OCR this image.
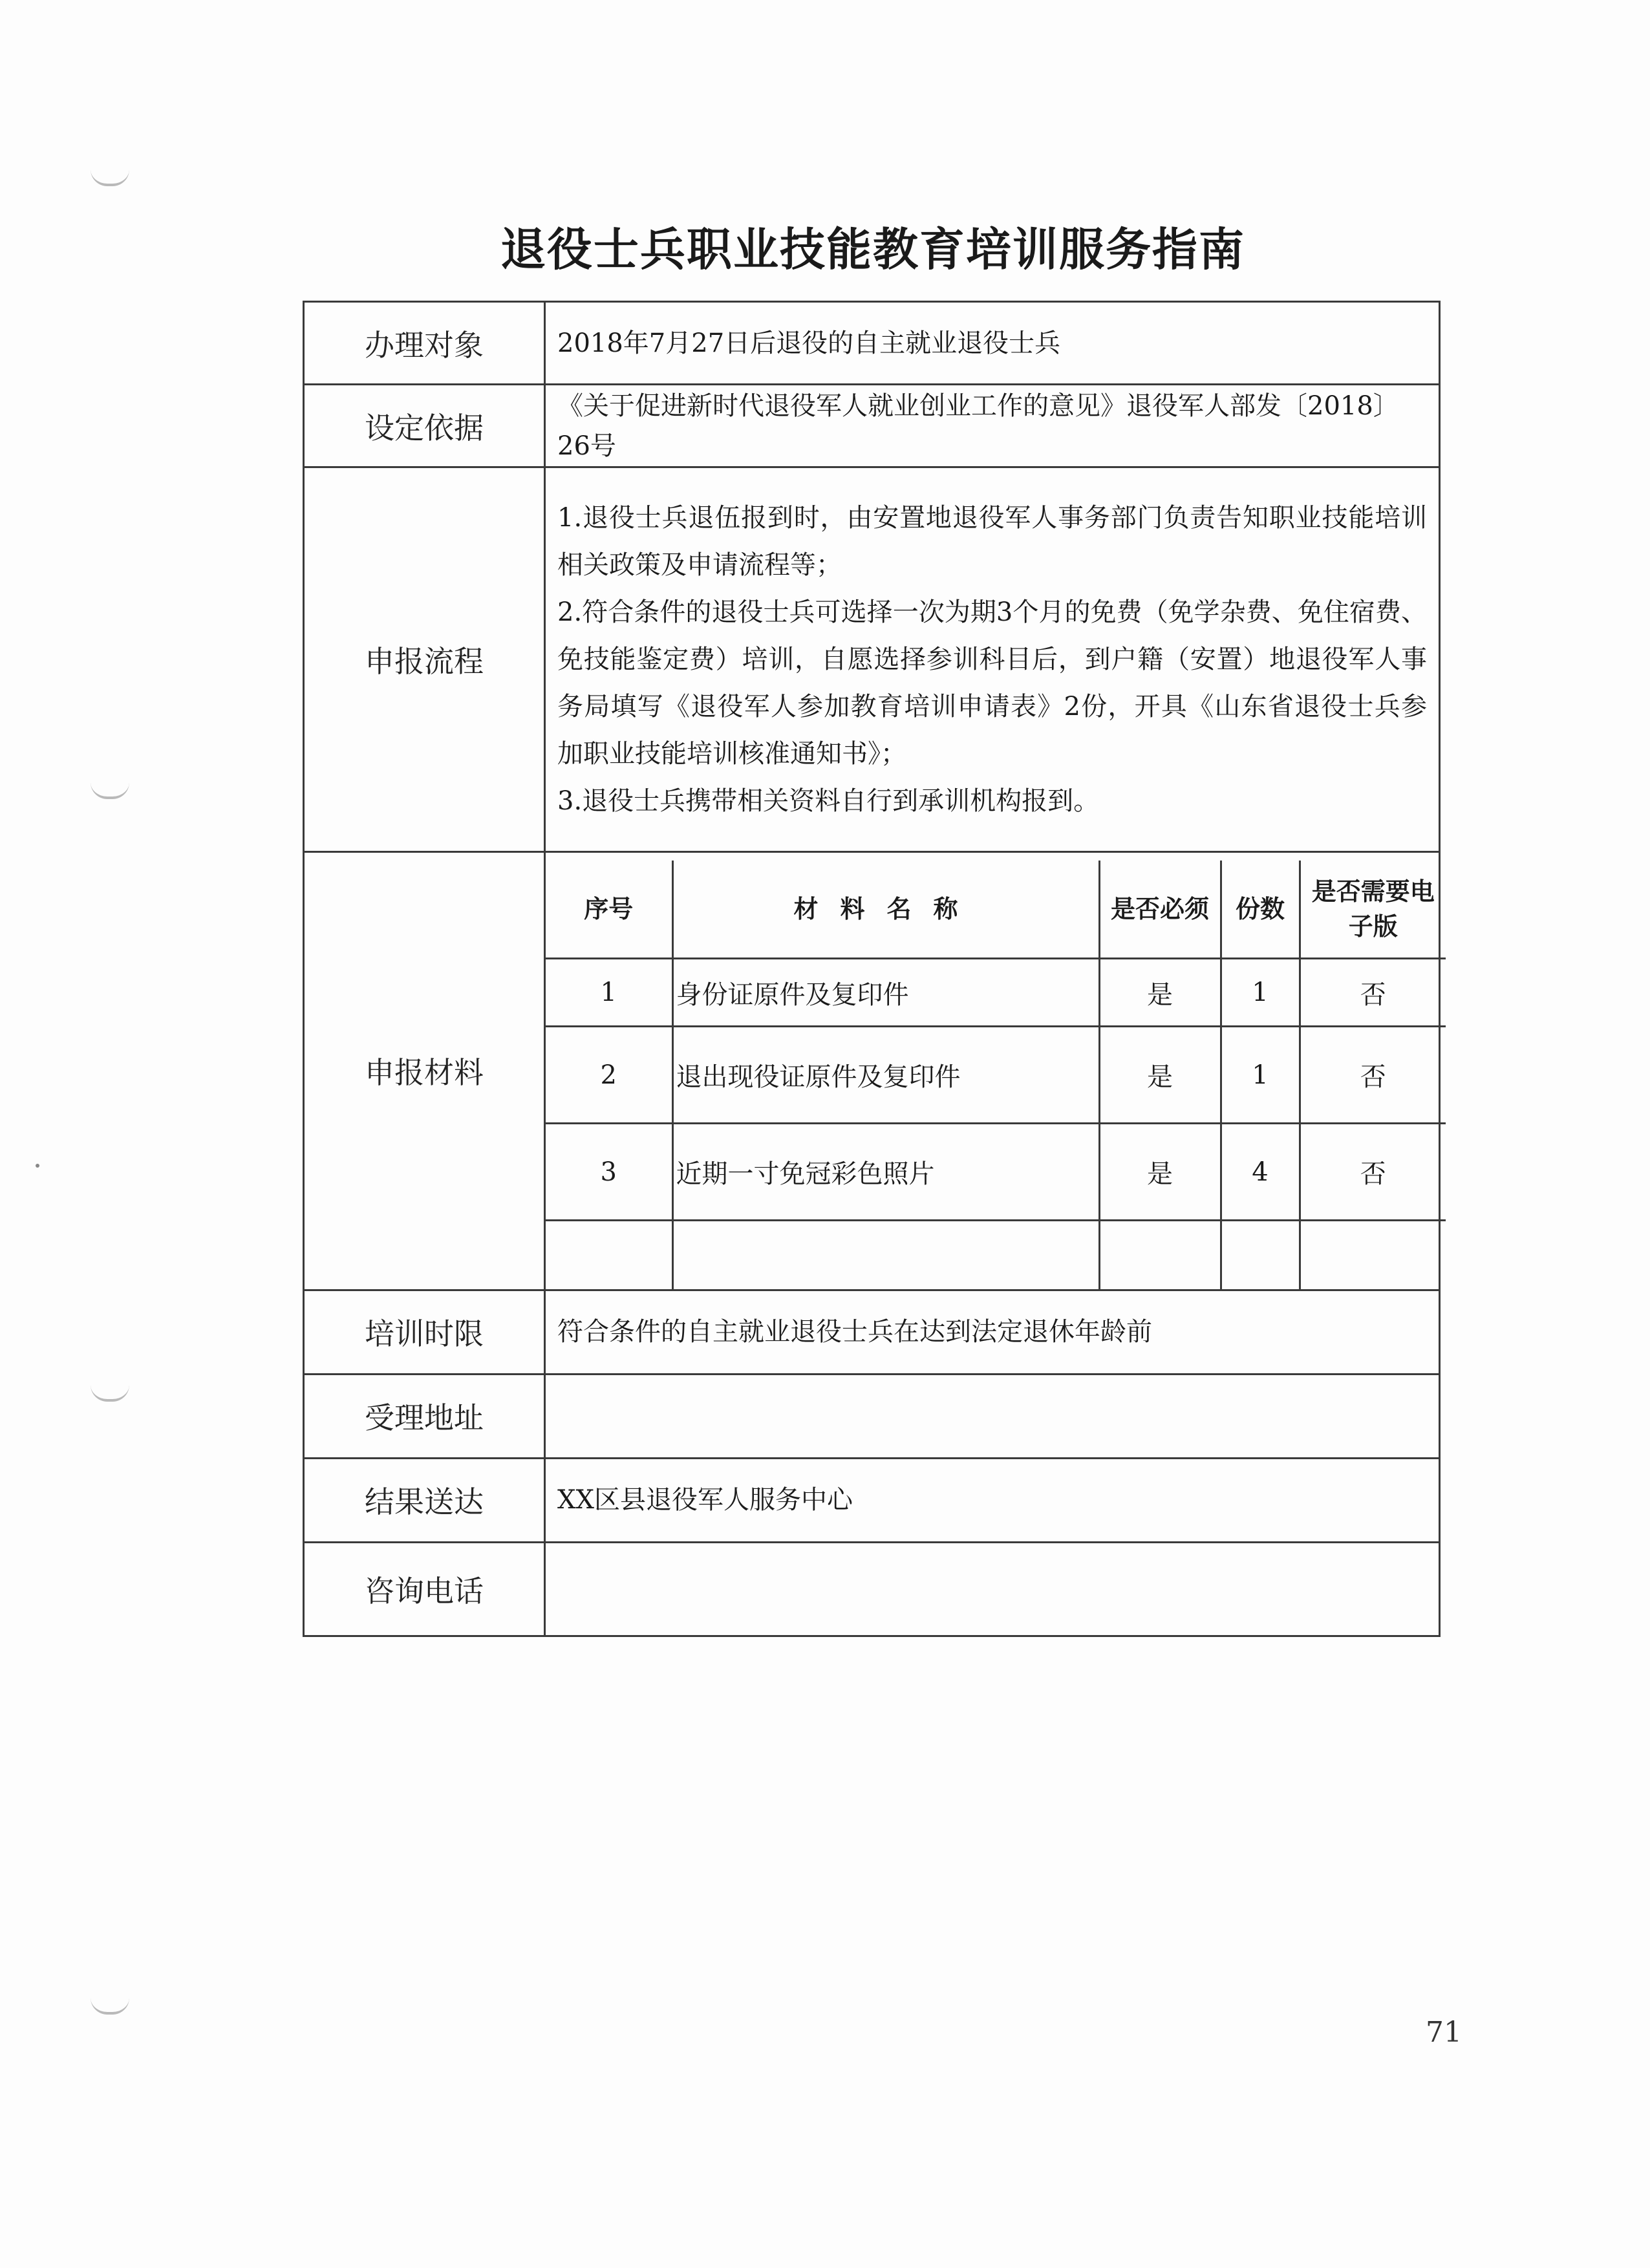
退役士兵职业技能教育培训服务指南
办理对象	2018年7月27日后退役的自主就业退役士兵
设定依据	《关于促进新时代退役军人就业创业工作的意见》退役军人部发〔2018〕26号
申报流程	

1.退役士兵退伍报到时，由安置地退役军人事务部门负责告知职业技能培训相关政策及申请流程等；

2.符合条件的退役士兵可选择一次为期3个月的免费（免学杂费、免住宿费、免技能鉴定费）培训，自愿选择参训科目后，到户籍（安置）地退役军人事务局填写《退役军人参加教育培训申请表》2份，开具《山东省退役士兵参加职业技能培训核准通知书》；

3.退役士兵携带相关资料自行到承训机构报到。

申报材料	
序号	材料名称	是否必须	份数	是否需要电子版
1	身份证原件及复印件	是	1	否
2	退出现役证原件及复印件	是	1	否
3	近期一寸免冠彩色照片	是	4	否

培训时限	符合条件的自主就业退役士兵在达到法定退休年龄前
受理地址	
结果送达	XX区县退役军人服务中心
咨询电话	
71
